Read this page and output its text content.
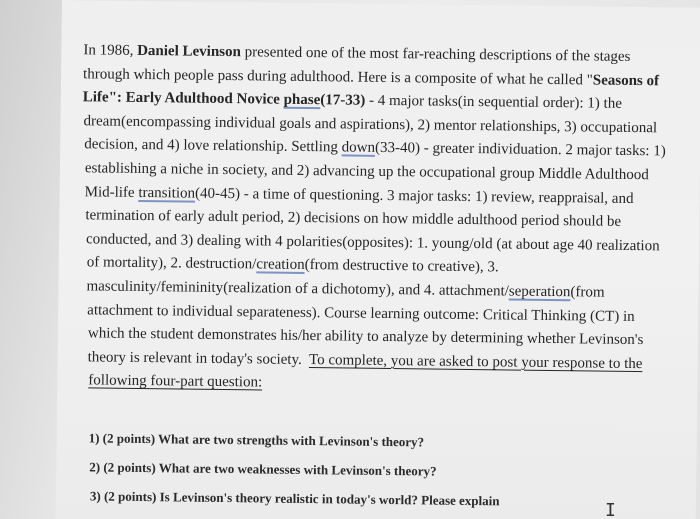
In 1986, Daniel Levinson presented one of the most far-reaching descriptions of the stages
through which people pass during adulthood. Here is a composite of what he called "Seasons of
Life": Early Adulthood Novice phase(17-33) - 4 major tasks(in sequential order): 1) the
dream(encompassing individual goals and aspirations), 2) mentor relationships, 3) occupational
decision, and 4) love relationship. Settling down(33-40) - greater individuation. 2 major tasks: 1)
establishing a niche in society, and 2) advancing up the occupational group Middle Adulthood
Mid-life transition(40-45) - a time of questioning. 3 major tasks: 1) review, reappraisal, and
termination of early adult period, 2) decisions on how middle adulthood period should be
conducted, and 3) dealing with 4 polarities(opposites): 1. young/old (at about age 40 realization
of mortality), 2. destruction/creation(from destructive to creative), 3.
masculinity/femininity(realization of a dichotomy), and 4. attachment/seperation(from
attachment to individual separateness). Course learning outcome: Critical Thinking (CT) in
which the student demonstrates his/her ability to analyze by determining whether Levinson's
theory is relevant in today's society.  To complete, you are asked to post your response to the
following four-part question:
1) (2 points) What are two strengths with Levinson's theory?
2) (2 points) What are two weaknesses with Levinson's theory?
3) (2 points) Is Levinson's theory realistic in today's world? Please explain
I
